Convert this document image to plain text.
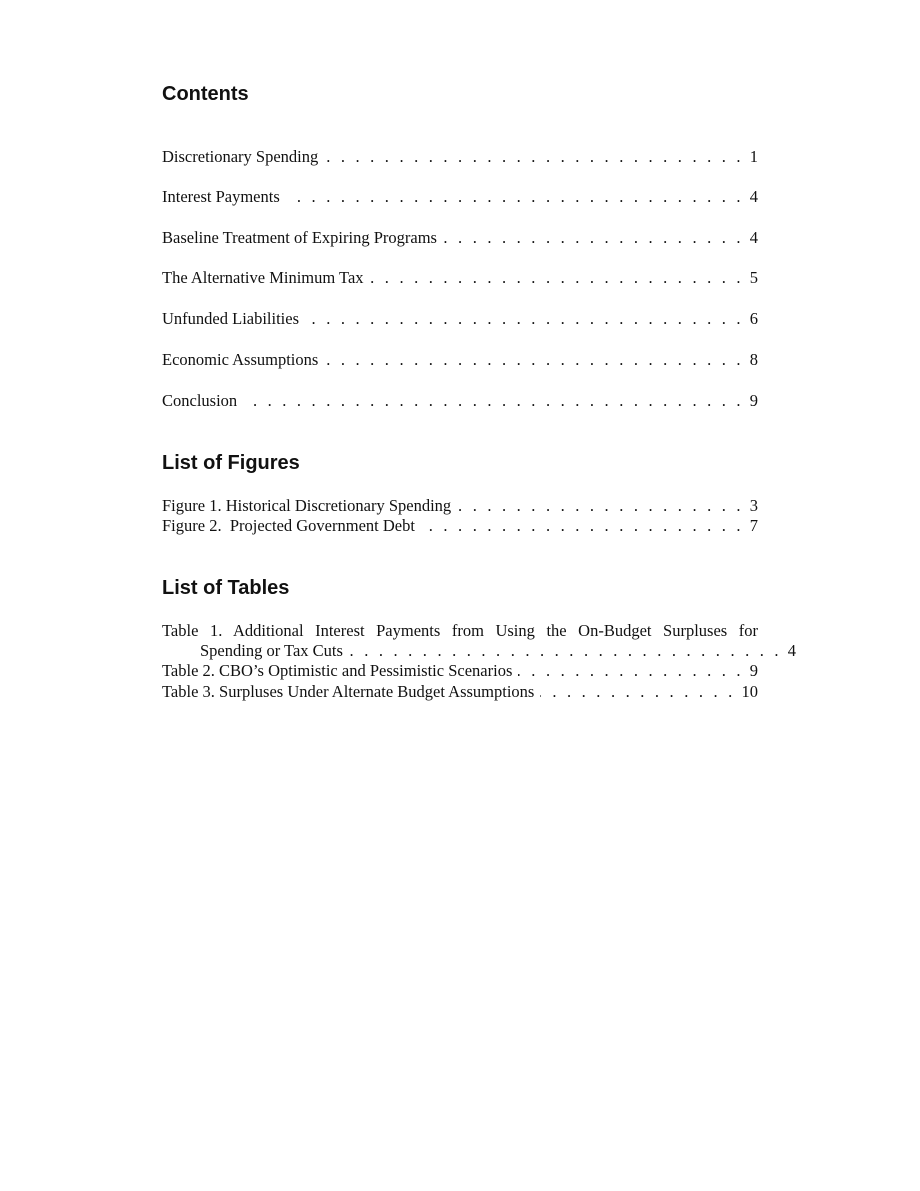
Contents
Discretionary Spending . . .	1
Interest Payments . . .	4
Baseline Treatment of Expiring Programs . . .	4
The Alternative Minimum Tax . . .	5
Unfunded Liabilities . . .	6
Economic Assumptions . . .	8
Conclusion . . .	9
List of Figures
Figure 1. Historical Discretionary Spending . . .	3
Figure 2.  Projected Government Debt . . .	7
List of Tables
Table 1. Additional Interest Payments from Using the On-Budget Surpluses for
Spending or Tax Cuts . . .	4
Table 2. CBO’s Optimistic and Pessimistic Scenarios . . .	9
Table 3. Surpluses Under Alternate Budget Assumptions . . .	10
